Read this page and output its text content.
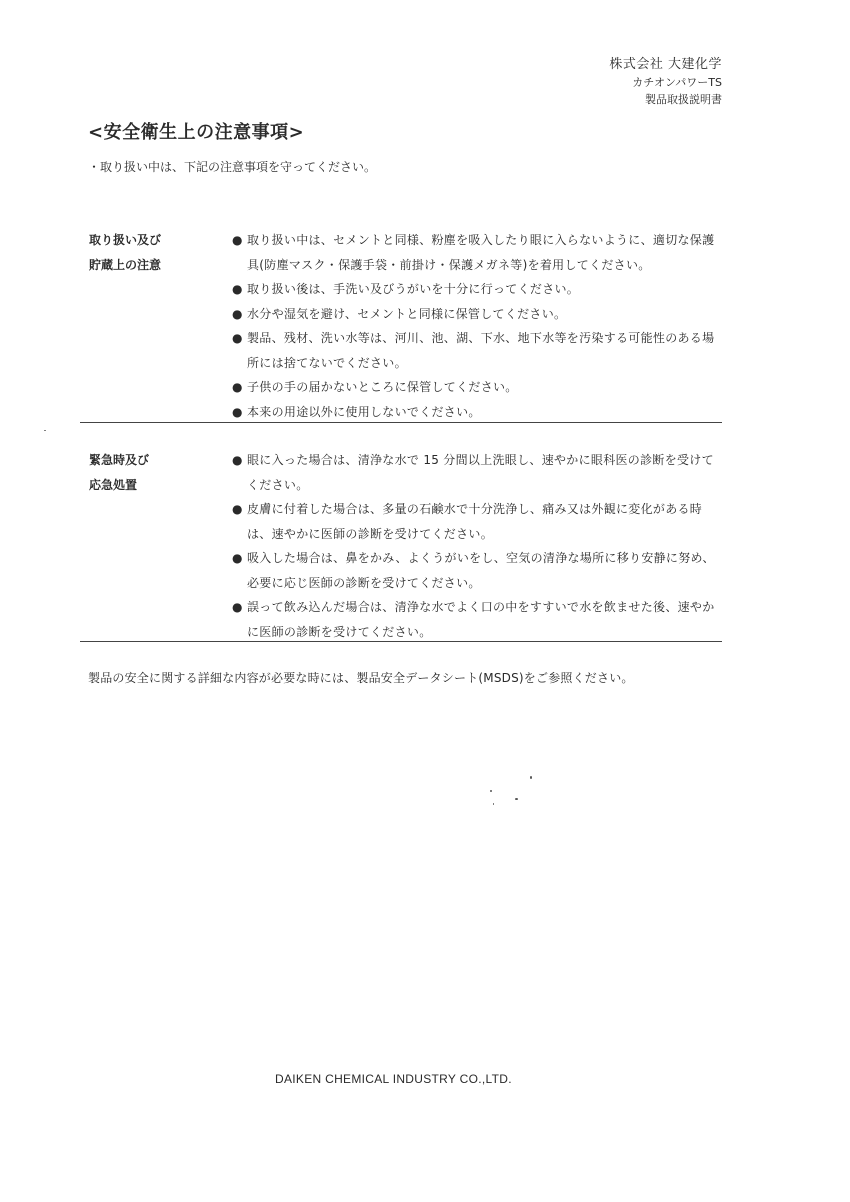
株式会社 大建化学
カチオンパワーTS
製品取扱説明書
<安全衛生上の注意事項>
・取り扱い中は、下記の注意事項を守ってください。
取り扱い及び
貯蔵上の注意
● 取り扱い中は、セメントと同様、粉塵を吸入したり眼に入らないように、適切な保護具(防塵マスク・保護手袋・前掛け・保護メガネ等)を着用してください。
● 取り扱い後は、手洗い及びうがいを十分に行ってください。
● 水分や湿気を避け、セメントと同様に保管してください。
● 製品、残材、洗い水等は、河川、池、湖、下水、地下水等を汚染する可能性のある場所には捨てないでください。
● 子供の手の届かないところに保管してください。
● 本来の用途以外に使用しないでください。
緊急時及び
応急処置
● 眼に入った場合は、清浄な水で 15 分間以上洗眼し、速やかに眼科医の診断を受けてください。
● 皮膚に付着した場合は、多量の石鹸水で十分洗浄し、痛み又は外観に変化がある時は、速やかに医師の診断を受けてください。
● 吸入した場合は、鼻をかみ、よくうがいをし、空気の清浄な場所に移り安静に努め、必要に応じ医師の診断を受けてください。
● 誤って飲み込んだ場合は、清浄な水でよく口の中をすすいで水を飲ませた後、速やかに医師の診断を受けてください。
製品の安全に関する詳細な内容が必要な時には、製品安全データシート(MSDS)をご参照ください。
DAIKEN CHEMICAL INDUSTRY CO.,LTD.
